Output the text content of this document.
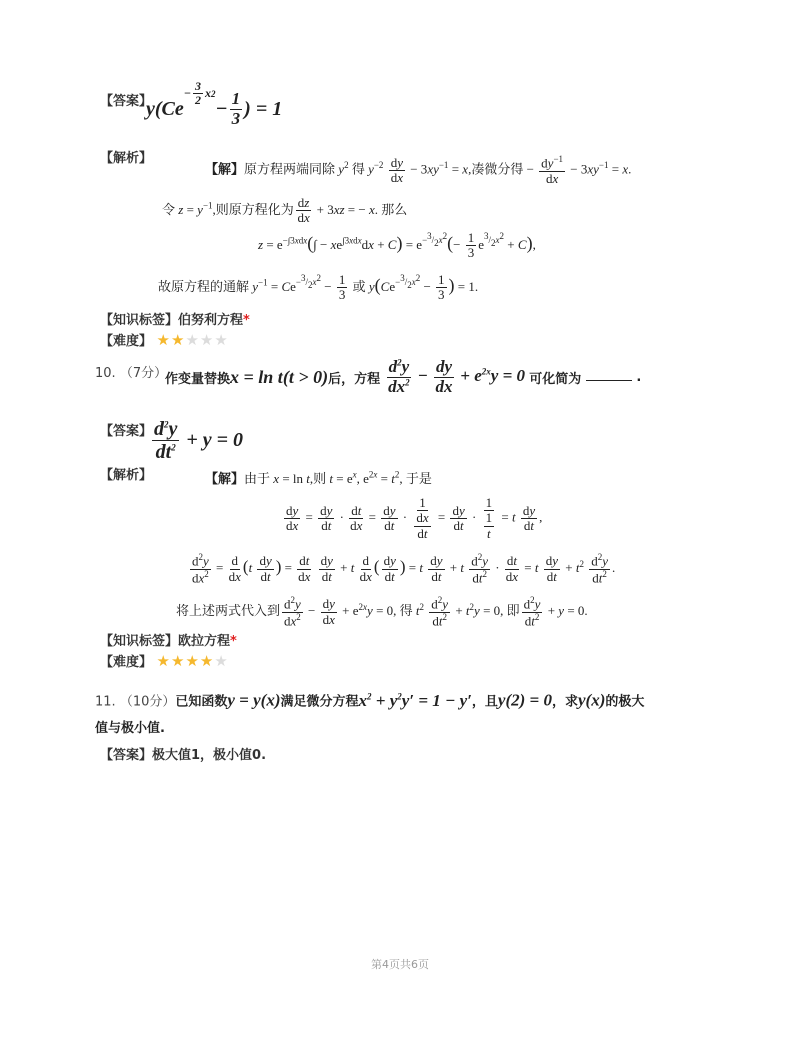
【答案】
$y(Ce- \frac{3}{2}$ x 2
− $\frac{1}{3}$ ) = 1
【解析】
【解】原方程两端同除 $y^2$ 得 $y^{-2} \frac{dy}{dx} - 3xy^{-1} = x$,凑微分得 − $\frac{dy^{-1}}{dx} - 3xy^{-1} = x$.
令 $z = y^{-1}$,则原方程化为 $\frac{dz}{dx} + 3xz$ = − x. 那么
$z = e^{-\int 3xdx}(\int - xe^{\int 3xdx}dx + C) = e^{-^3/_2x^2}(- \frac{1}{3} e^{^3/_2x^2} + C)$,
故原方程的通解 $y^{-1} = Ce^{-^3/_2x^2} - \frac{1}{3}$ 或 $y(Ce^{-^3/_2x^2} - \frac{1}{3}$ ) = 1.
【知识标签】伯努利方程*
【难度】 ★★★★★
10. （7分）
作变量替换x = ln t(t > 0)后，方程 $\frac{d^2y}{dx^2} - \frac{dy}{dx} + e^{2x}y = 0$ 可化简为	.
【答案】 $\frac{d^2y}{dt^2} + y = 0$
【解析】	【解】由于 x = ln t,则 $t = e^x$, $e^{2x} = t^2$, 于是
$\frac{dy}{dx} = \frac{dy}{dt} \cdot \frac{dt}{dx} = \frac{dy}{dt} \cdot \frac{1}{\frac{dx}{dt}} = \frac{dy}{dt} \cdot \frac{1}{\frac{1}{t}} = t \frac{dy}{dt}$ ,
$\frac{d^2y}{dx^2} = \frac{d}{dx} (t \frac{dy}{dt}$ ) = $\frac{dt}{dx}$
$\frac{dy}{dt} + t \frac{d}{dx}$ ( $\frac{dy}{dt}$ ) = t $\frac{dy}{dt} + t \frac{d^2y}{dt^2} \cdot \frac{dt}{dx} = t \frac{dy}{dt} + t^2 \frac{d^2y}{dt^2}$ .
将上述两式代入到 $\frac{d^2y}{dx^2} - \frac{dy}{dx} + e^{2x}y = 0$, 得 $t^2 \frac{d^2y}{dt^2} + t^2y = 0$, 即 $\frac{d^2y}{dt^2} + y = 0$.
【知识标签】欧拉方程*
【难度】 ★★★★★
11. （10分）已知函数y = y(x)满足微分方程$x^2 + y^2y' = 1 - y'$，且y(2) = 0，求y(x)的极大
值与极小值.
【答案】极大值1，极小值0.
第4页共6页
